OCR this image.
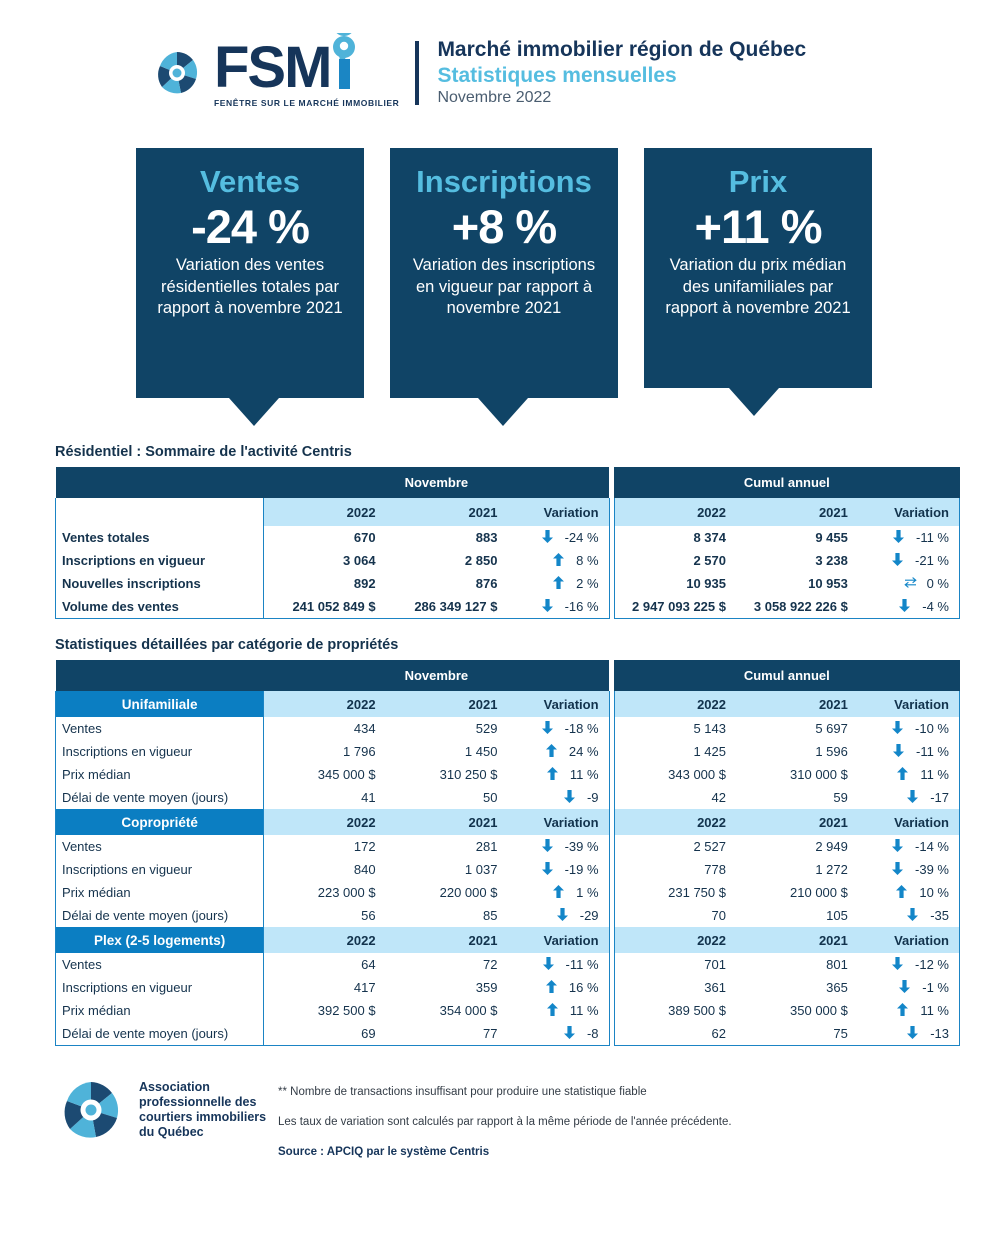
FSM
FENÊTRE SUR LE MARCHÉ IMMOBILIER
Marché immobilier région de Québec
Statistiques mensuelles
Novembre 2022
Ventes
-24 %
Variation des ventes résidentielles totales par rapport à novembre 2021
Inscriptions
+8 %
Variation des inscriptions en vigueur par rapport à novembre 2021
Prix
+11 %
Variation du prix médian des unifamiliales par rapport à novembre 2021
Résidentiel : Sommaire de l'activité Centris
	Novembre				Cumul annuel		
	2022	2021	Variation		2022	2021	Variation
Ventes totales	670	883	-24 %		8 374	9 455	-11 %
Inscriptions en vigueur	3 064	2 850	8 %		2 570	3 238	-21 %
Nouvelles inscriptions	892	876	2 %		10 935	10 953	0 %
Volume des ventes	241 052 849 $	286 349 127 $	-16 %		2 947 093 225 $	3 058 922 226 $	-4 %
Statistiques détaillées par catégorie de propriétés
	Novembre				Cumul annuel		
Unifamiliale	2022	2021	Variation		2022	2021	Variation
Ventes	434	529	-18 %		5 143	5 697	-10 %
Inscriptions en vigueur	1 796	1 450	24 %		1 425	1 596	-11 %
Prix médian	345 000 $	310 250 $	11 %		343 000 $	310 000 $	11 %
Délai de vente moyen (jours)	41	50	-9		42	59	-17
Copropriété	2022	2021	Variation		2022	2021	Variation
Ventes	172	281	-39 %		2 527	2 949	-14 %
Inscriptions en vigueur	840	1 037	-19 %		778	1 272	-39 %
Prix médian	223 000 $	220 000 $	1 %		231 750 $	210 000 $	10 %
Délai de vente moyen (jours)	56	85	-29		70	105	-35
Plex (2-5 logements)	2022	2021	Variation		2022	2021	Variation
Ventes	64	72	-11 %		701	801	-12 %
Inscriptions en vigueur	417	359	16 %		361	365	-1 %
Prix médian	392 500 $	354 000 $	11 %		389 500 $	350 000 $	11 %
Délai de vente moyen (jours)	69	77	-8		62	75	-13
Association professionnelle des courtiers immobiliers du Québec
** Nombre de transactions insuffisant pour produire une statistique fiable
Les taux de variation sont calculés par rapport à la même période de l'année précédente.
Source : APCIQ par le système Centris
